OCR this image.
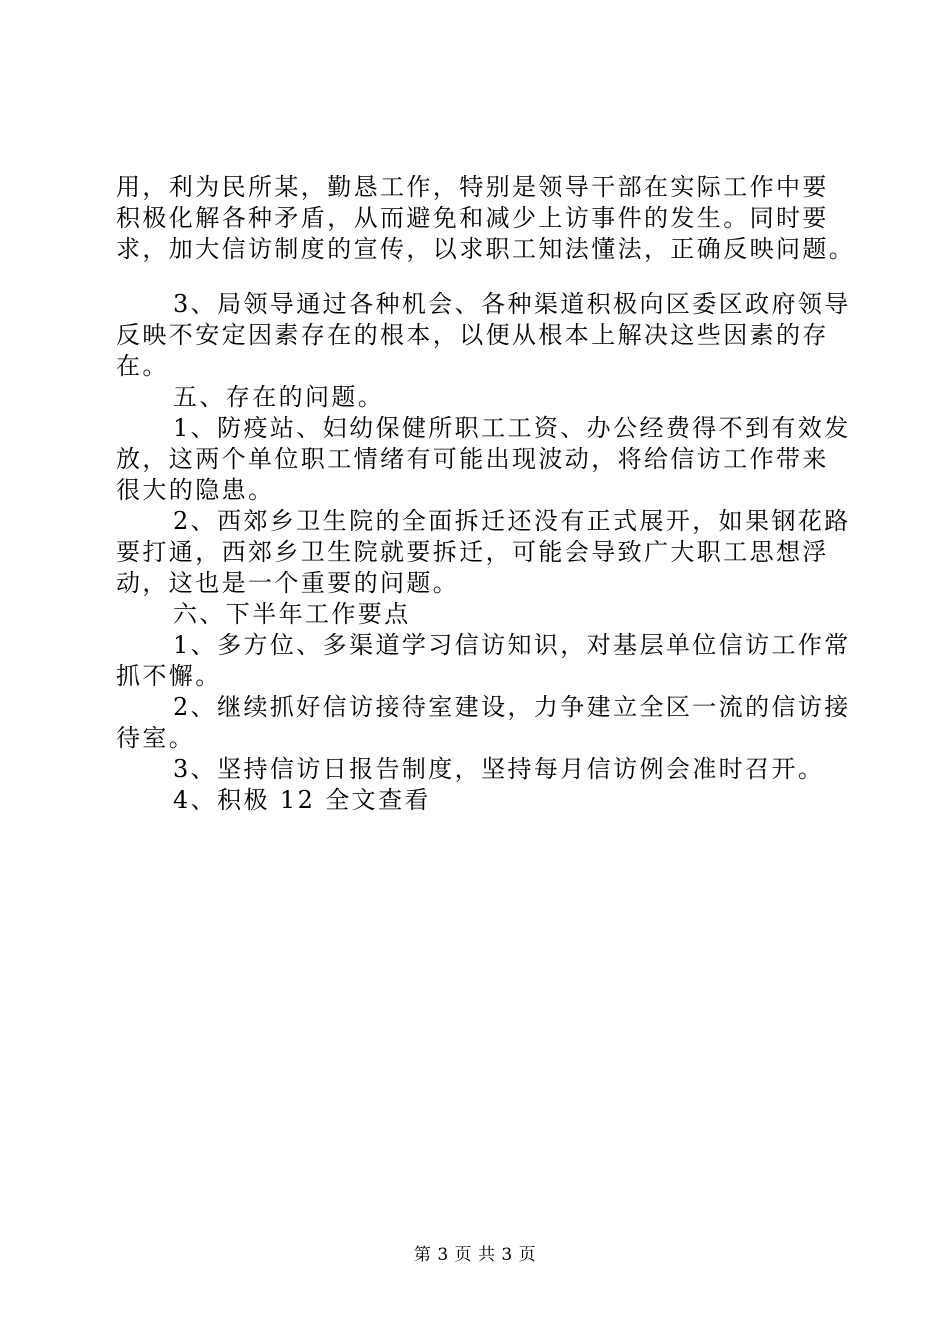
用，利为民所某，勤恳工作，特别是领导干部在实际工作中要
积极化解各种矛盾，从而避免和减少上访事件的发生。同时要
求，加大信访制度的宣传，以求职工知法懂法，正确反映问题。

3、局领导通过各种机会、各种渠道积极向区委区政府领导
反映不安定因素存在的根本，以便从根本上解决这些因素的存
在。

五、存在的问题。

1、防疫站、妇幼保健所职工工资、办公经费得不到有效发
放，这两个单位职工情绪有可能出现波动，将给信访工作带来
很大的隐患。

2、西郊乡卫生院的全面拆迁还没有正式展开，如果钢花路
要打通，西郊乡卫生院就要拆迁，可能会导致广大职工思想浮
动，这也是一个重要的问题。

六、下半年工作要点

1、多方位、多渠道学习信访知识，对基层单位信访工作常
抓不懈。

2、继续抓好信访接待室建设，力争建立全区一流的信访接
待室。

3、坚持信访日报告制度，坚持每月信访例会准时召开。

4、积极 12 全文查看

第 3 页 共 3 页
